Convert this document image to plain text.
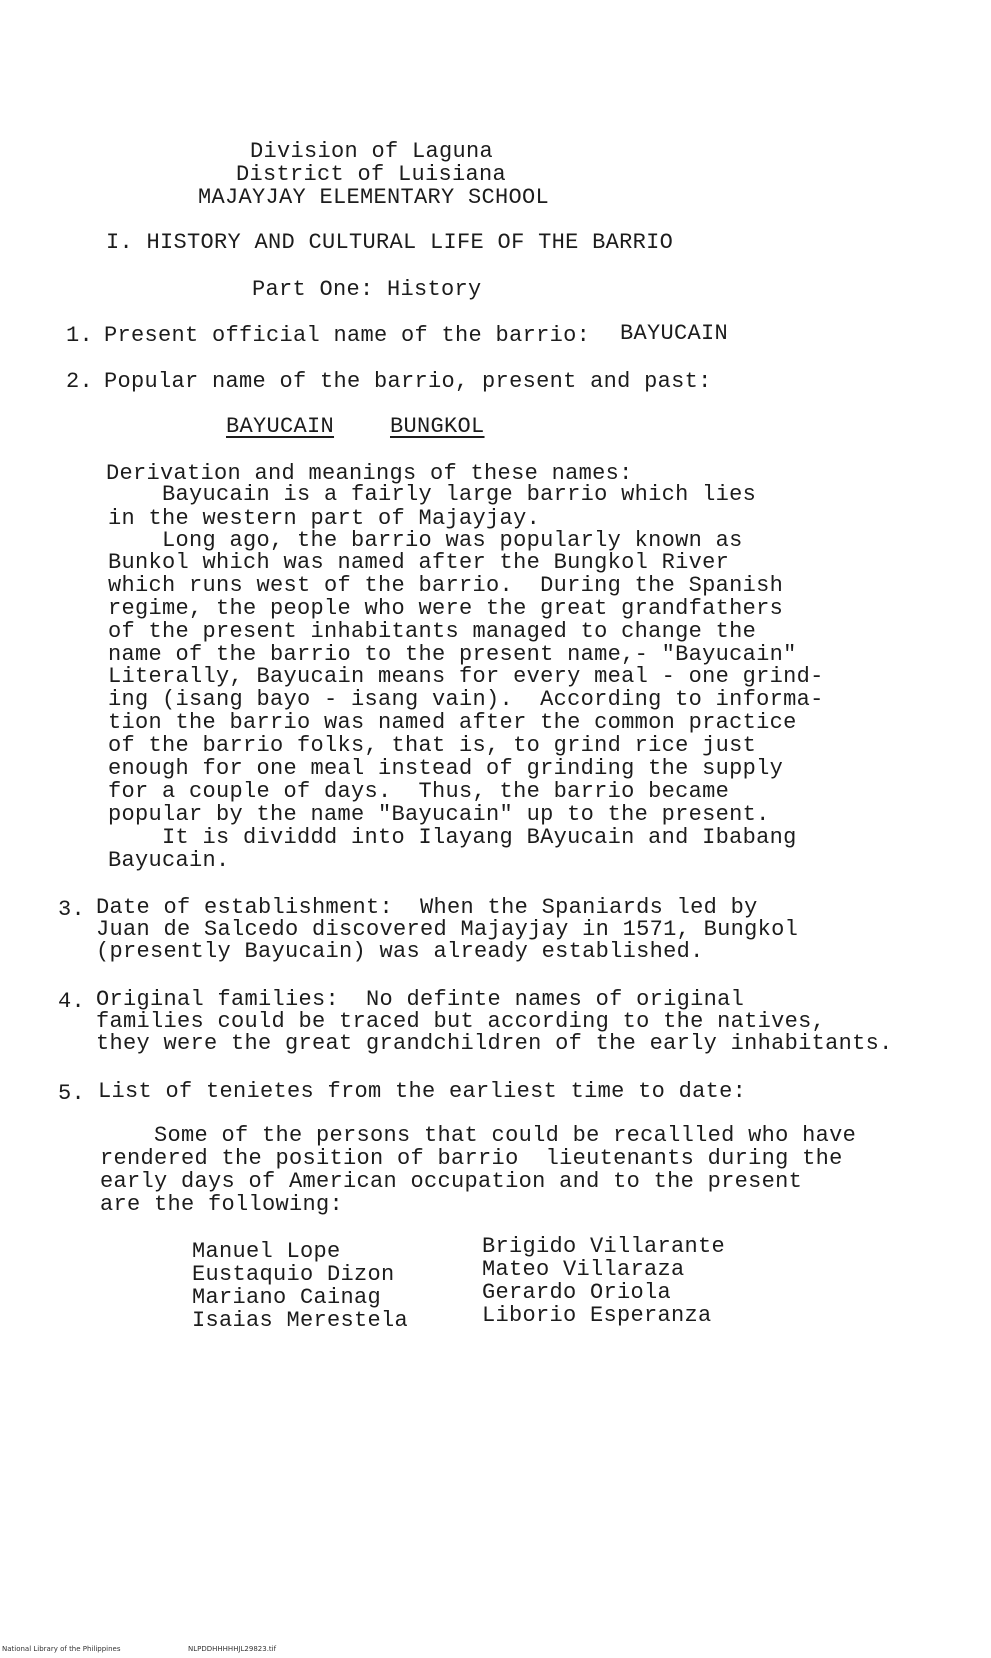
Division of Laguna
District of Luisiana
MAJAYJAY ELEMENTARY SCHOOL
I. HISTORY AND CULTURAL LIFE OF THE BARRIO
Part One: History
1. Present official name of the barrio: BAYUCAIN
2. Popular name of the barrio, present and past:
BAYUCAIN	BUNGKOL
Derivation and meanings of these names:
Bayucain is a fairly large barrio which lies
in the western part of Majayjay.
Long ago, the barrio was popularly known as
Bunkol which was named after the Bungkol River
which runs west of the barrio.  During the Spanish
regime, the people who were the great grandfathers
of the present inhabitants managed to change the
name of the barrio to the present name,- "Bayucain"
Literally, Bayucain means for every meal - one grind-
ing (isang bayo - isang vain).  According to informa-
tion the barrio was named after the common practice
of the barrio folks, that is, to grind rice just
enough for one meal instead of grinding the supply
for a couple of days.  Thus, the barrio became
popular by the name "Bayucain" up to the present.
It is dividdd into Ilayang BAyucain and Ibabang
Bayucain.
3. Date of establishment:  When the Spaniards led by
Juan de Salcedo discovered Majayjay in 1571, Bungkol
(presently Bayucain) was already established.
4. Original families:  No definte names of original
families could be traced but according to the natives,
they were the great grandchildren of the early inhabitants.
5. List of tenietes from the earliest time to date:
Some of the persons that could be recallled who have
rendered the position of barrio  lieutenants during the
early days of American occupation and to the present
are the following:
Manuel Lope
Eustaquio Dizon
Mariano Cainag
Isaias Merestela
Brigido Villarante
Mateo Villaraza
Gerardo Oriola
Liborio Esperanza
National Library of the Philippines	NLPDDHHHHHJL29823.tif
